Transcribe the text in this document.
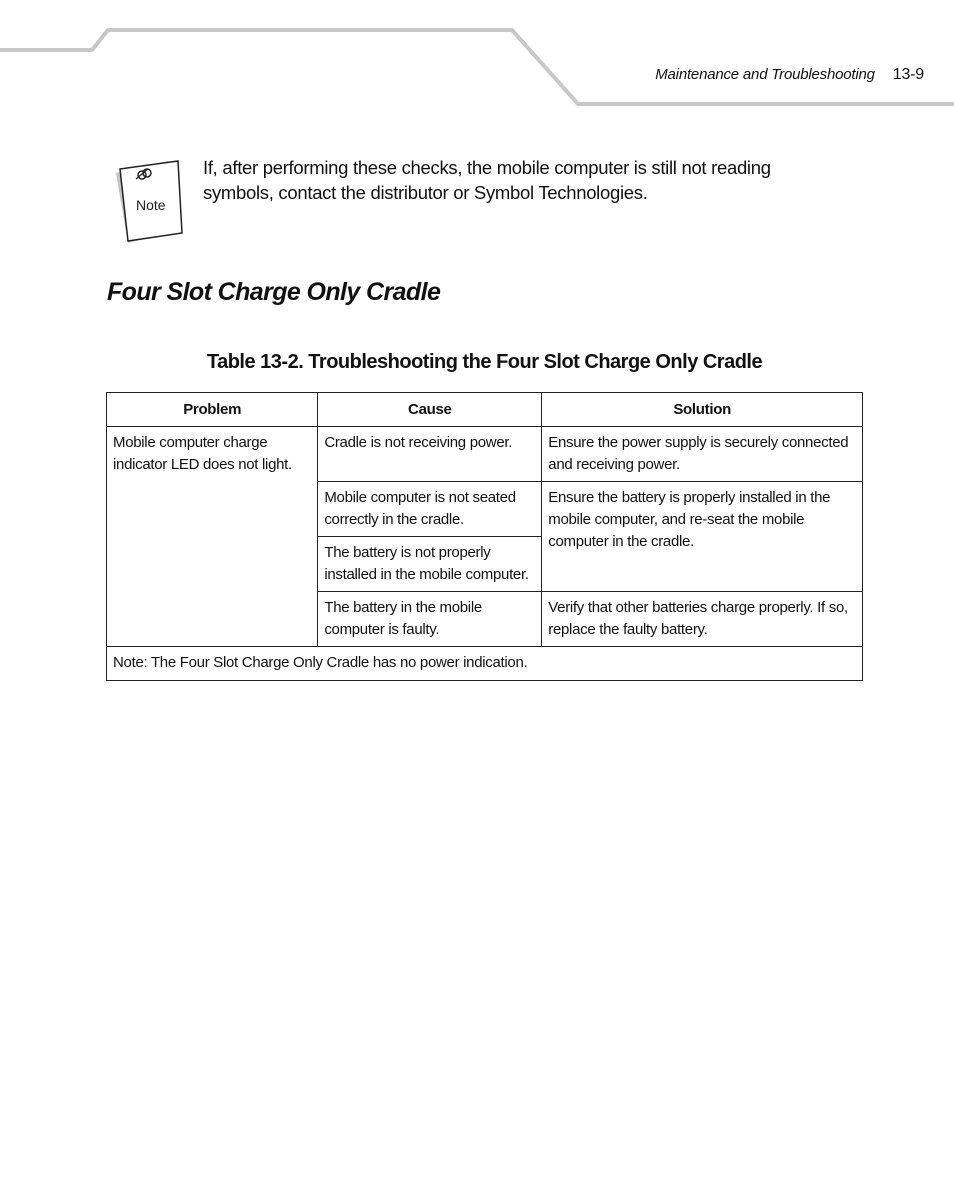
Maintenance and Troubleshooting 13-9
Note
If, after performing these checks, the mobile computer is still not reading symbols, contact the distributor or Symbol Technologies.
Four Slot Charge Only Cradle
Table 13-2. Troubleshooting the Four Slot Charge Only Cradle
Problem	Cause	Solution
Mobile computer charge indicator LED does not light.	Cradle is not receiving power.	Ensure the power supply is securely connected and receiving power.
	Mobile computer is not seated correctly in the cradle.	Ensure the battery is properly installed in the mobile computer, and re-seat the mobile computer in the cradle.
	The battery is not properly installed in the mobile computer.	
	The battery in the mobile computer is faulty.	Verify that other batteries charge properly. If so, replace the faulty battery.
Note: The Four Slot Charge Only Cradle has no power indication.		
